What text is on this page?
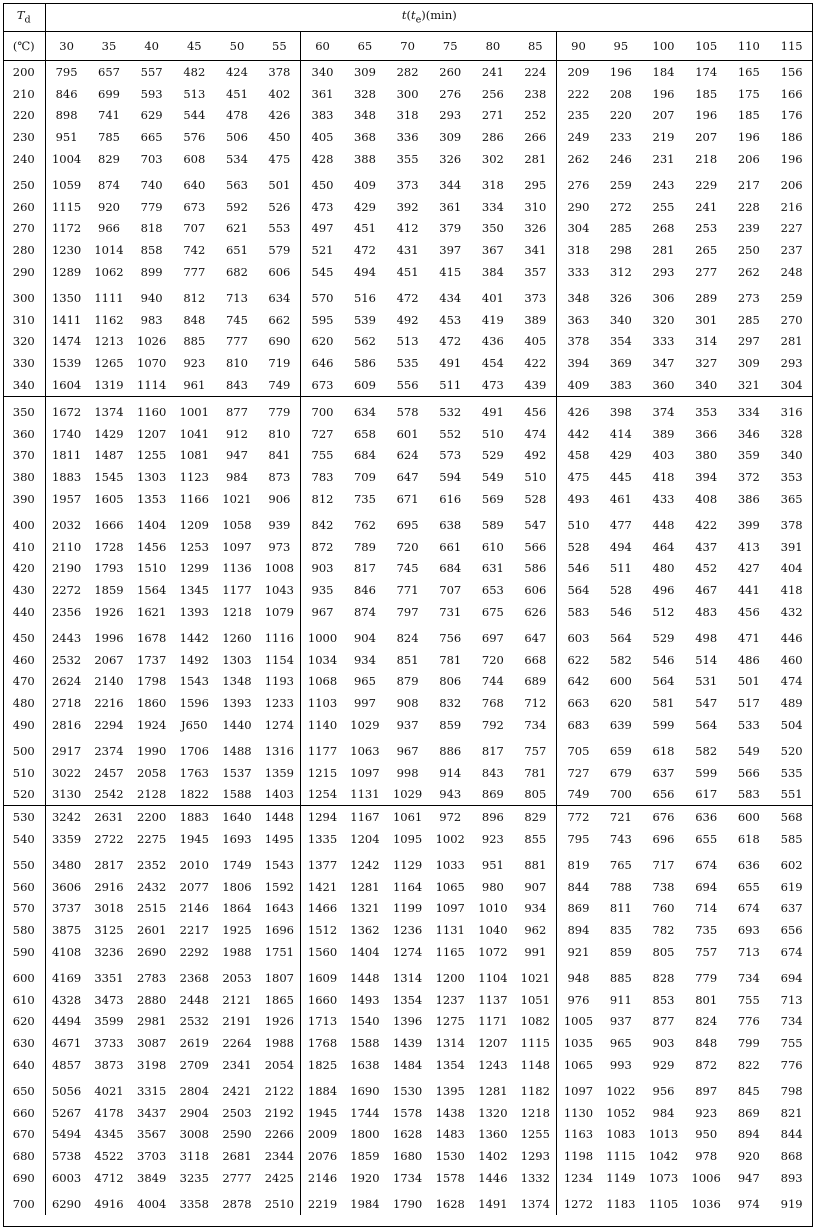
$T_d$	$t(t_e)(\min)$																	
(℃)	30	35	40	45	50	55	60	65	70	75	80	85	90	95	100	105	110	115
200	795	657	557	482	424	378	340	309	282	260	241	224	209	196	184	174	165	156
210	846	699	593	513	451	402	361	328	300	276	256	238	222	208	196	185	175	166
220	898	741	629	544	478	426	383	348	318	293	271	252	235	220	207	196	185	176
230	951	785	665	576	506	450	405	368	336	309	286	266	249	233	219	207	196	186
240	1004	829	703	608	534	475	428	388	355	326	302	281	262	246	231	218	206	196
250	1059	874	740	640	563	501	450	409	373	344	318	295	276	259	243	229	217	206
260	1115	920	779	673	592	526	473	429	392	361	334	310	290	272	255	241	228	216
270	1172	966	818	707	621	553	497	451	412	379	350	326	304	285	268	253	239	227
280	1230	1014	858	742	651	579	521	472	431	397	367	341	318	298	281	265	250	237
290	1289	1062	899	777	682	606	545	494	451	415	384	357	333	312	293	277	262	248
300	1350	1111	940	812	713	634	570	516	472	434	401	373	348	326	306	289	273	259
310	1411	1162	983	848	745	662	595	539	492	453	419	389	363	340	320	301	285	270
320	1474	1213	1026	885	777	690	620	562	513	472	436	405	378	354	333	314	297	281
330	1539	1265	1070	923	810	719	646	586	535	491	454	422	394	369	347	327	309	293
340	1604	1319	1114	961	843	749	673	609	556	511	473	439	409	383	360	340	321	304
350	1672	1374	1160	1001	877	779	700	634	578	532	491	456	426	398	374	353	334	316
360	1740	1429	1207	1041	912	810	727	658	601	552	510	474	442	414	389	366	346	328
370	1811	1487	1255	1081	947	841	755	684	624	573	529	492	458	429	403	380	359	340
380	1883	1545	1303	1123	984	873	783	709	647	594	549	510	475	445	418	394	372	353
390	1957	1605	1353	1166	1021	906	812	735	671	616	569	528	493	461	433	408	386	365
400	2032	1666	1404	1209	1058	939	842	762	695	638	589	547	510	477	448	422	399	378
410	2110	1728	1456	1253	1097	973	872	789	720	661	610	566	528	494	464	437	413	391
420	2190	1793	1510	1299	1136	1008	903	817	745	684	631	586	546	511	480	452	427	404
430	2272	1859	1564	1345	1177	1043	935	846	771	707	653	606	564	528	496	467	441	418
440	2356	1926	1621	1393	1218	1079	967	874	797	731	675	626	583	546	512	483	456	432
450	2443	1996	1678	1442	1260	1116	1000	904	824	756	697	647	603	564	529	498	471	446
460	2532	2067	1737	1492	1303	1154	1034	934	851	781	720	668	622	582	546	514	486	460
470	2624	2140	1798	1543	1348	1193	1068	965	879	806	744	689	642	600	564	531	501	474
480	2718	2216	1860	1596	1393	1233	1103	997	908	832	768	712	663	620	581	547	517	489
490	2816	2294	1924	J650	1440	1274	1140	1029	937	859	792	734	683	639	599	564	533	504
500	2917	2374	1990	1706	1488	1316	1177	1063	967	886	817	757	705	659	618	582	549	520
510	3022	2457	2058	1763	1537	1359	1215	1097	998	914	843	781	727	679	637	599	566	535
520	3130	2542	2128	1822	1588	1403	1254	1131	1029	943	869	805	749	700	656	617	583	551
530	3242	2631	2200	1883	1640	1448	1294	1167	1061	972	896	829	772	721	676	636	600	568
540	3359	2722	2275	1945	1693	1495	1335	1204	1095	1002	923	855	795	743	696	655	618	585
550	3480	2817	2352	2010	1749	1543	1377	1242	1129	1033	951	881	819	765	717	674	636	602
560	3606	2916	2432	2077	1806	1592	1421	1281	1164	1065	980	907	844	788	738	694	655	619
570	3737	3018	2515	2146	1864	1643	1466	1321	1199	1097	1010	934	869	811	760	714	674	637
580	3875	3125	2601	2217	1925	1696	1512	1362	1236	1131	1040	962	894	835	782	735	693	656
590	4108	3236	2690	2292	1988	1751	1560	1404	1274	1165	1072	991	921	859	805	757	713	674
600	4169	3351	2783	2368	2053	1807	1609	1448	1314	1200	1104	1021	948	885	828	779	734	694
610	4328	3473	2880	2448	2121	1865	1660	1493	1354	1237	1137	1051	976	911	853	801	755	713
620	4494	3599	2981	2532	2191	1926	1713	1540	1396	1275	1171	1082	1005	937	877	824	776	734
630	4671	3733	3087	2619	2264	1988	1768	1588	1439	1314	1207	1115	1035	965	903	848	799	755
640	4857	3873	3198	2709	2341	2054	1825	1638	1484	1354	1243	1148	1065	993	929	872	822	776
650	5056	4021	3315	2804	2421	2122	1884	1690	1530	1395	1281	1182	1097	1022	956	897	845	798
660	5267	4178	3437	2904	2503	2192	1945	1744	1578	1438	1320	1218	1130	1052	984	923	869	821
670	5494	4345	3567	3008	2590	2266	2009	1800	1628	1483	1360	1255	1163	1083	1013	950	894	844
680	5738	4522	3703	3118	2681	2344	2076	1859	1680	1530	1402	1293	1198	1115	1042	978	920	868
690	6003	4712	3849	3235	2777	2425	2146	1920	1734	1578	1446	1332	1234	1149	1073	1006	947	893
700	6290	4916	4004	3358	2878	2510	2219	1984	1790	1628	1491	1374	1272	1183	1105	1036	974	919
